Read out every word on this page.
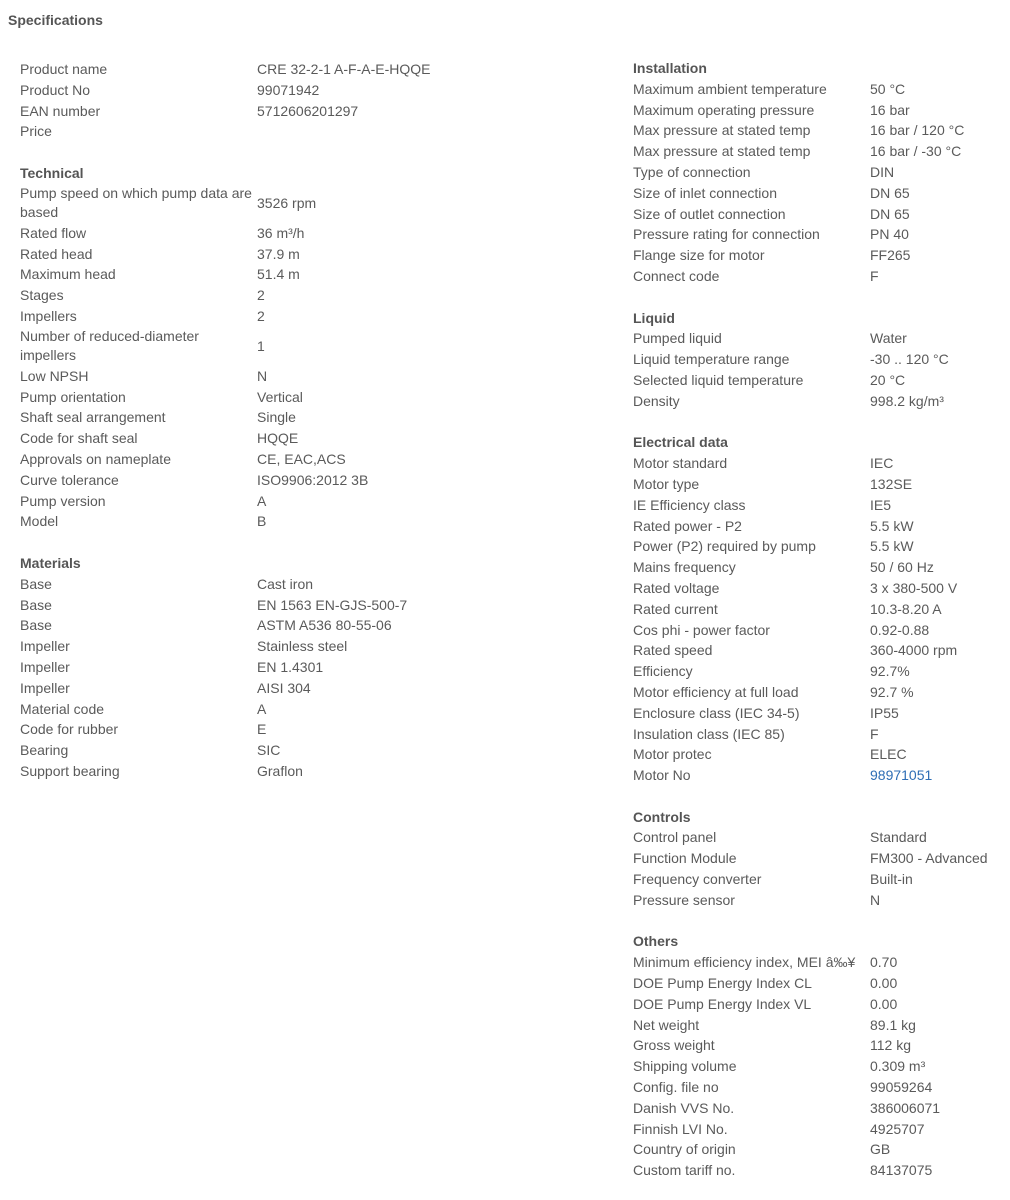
Specifications
Product name	CRE 32-2-1 A-F-A-E-HQQE
Product No	99071942
EAN number	5712606201297
Price	
Technical
Pump speed on which pump data are based	3526 rpm
Rated flow	36 m³/h
Rated head	37.9 m
Maximum head	51.4 m
Stages	2
Impellers	2
Number of reduced-diameter impellers	1
Low NPSH	N
Pump orientation	Vertical
Shaft seal arrangement	Single
Code for shaft seal	HQQE
Approvals on nameplate	CE, EAC,ACS
Curve tolerance	ISO9906:2012 3B
Pump version	A
Model	B
Materials
Base	Cast iron
Base	EN 1563 EN-GJS-500-7
Base	ASTM A536 80-55-06
Impeller	Stainless steel
Impeller	EN 1.4301
Impeller	AISI 304
Material code	A
Code for rubber	E
Bearing	SIC
Support bearing	Graflon
Installation
Maximum ambient temperature	50 °C
Maximum operating pressure	16 bar
Max pressure at stated temp	16 bar / 120 °C
Max pressure at stated temp	16 bar / -30 °C
Type of connection	DIN
Size of inlet connection	DN 65
Size of outlet connection	DN 65
Pressure rating for connection	PN 40
Flange size for motor	FF265
Connect code	F
Liquid
Pumped liquid	Water
Liquid temperature range	-30 .. 120 °C
Selected liquid temperature	20 °C
Density	998.2 kg/m³
Electrical data
Motor standard	IEC
Motor type	132SE
IE Efficiency class	IE5
Rated power - P2	5.5 kW
Power (P2) required by pump	5.5 kW
Mains frequency	50 / 60 Hz
Rated voltage	3 x 380-500 V
Rated current	10.3-8.20 A
Cos phi - power factor	0.92-0.88
Rated speed	360-4000 rpm
Efficiency	92.7%
Motor efficiency at full load	92.7 %
Enclosure class (IEC 34-5)	IP55
Insulation class (IEC 85)	F
Motor protec	ELEC
Motor No	98971051
Controls
Control panel	Standard
Function Module	FM300 - Advanced
Frequency converter	Built-in
Pressure sensor	N
Others
Minimum efficiency index, MEI â‰¥	0.70
DOE Pump Energy Index CL	0.00
DOE Pump Energy Index VL	0.00
Net weight	89.1 kg
Gross weight	112 kg
Shipping volume	0.309 m³
Config. file no	99059264
Danish VVS No.	386006071
Finnish LVI No.	4925707
Country of origin	GB
Custom tariff no.	84137075
